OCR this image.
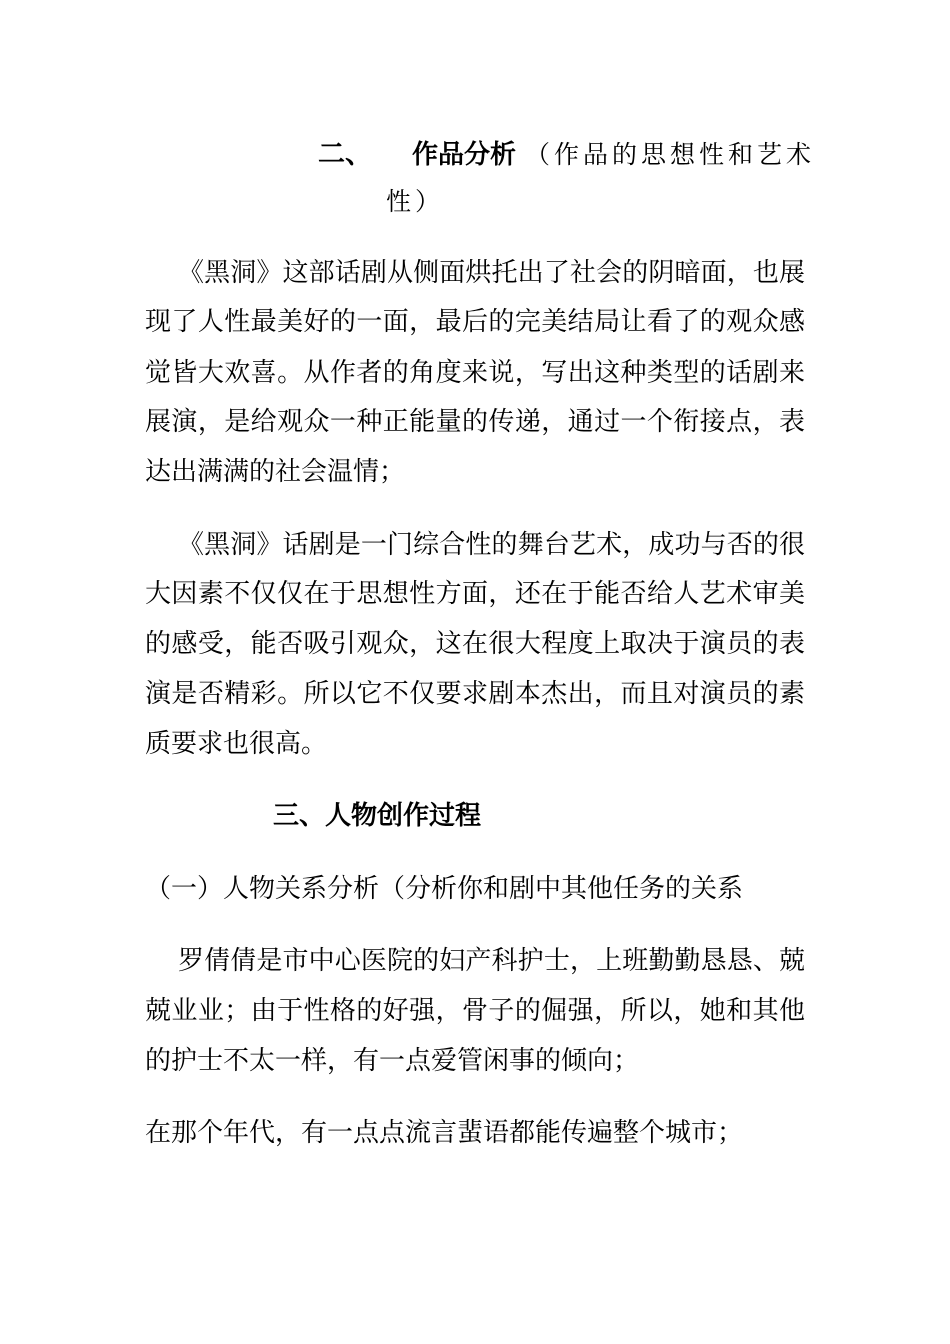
二、 作品分析 （作品的思想性和艺术
性）
《黑洞》这部话剧从侧面烘托出了社会的阴暗面，也展
现了人性最美好的一面，最后的完美结局让看了的观众感
觉皆大欢喜。从作者的角度来说，写出这种类型的话剧来
展演，是给观众一种正能量的传递，通过一个衔接点，表
达出满满的社会温情；
《黑洞》话剧是一门综合性的舞台艺术，成功与否的很
大因素不仅仅在于思想性方面，还在于能否给人艺术审美
的感受，能否吸引观众，这在很大程度上取决于演员的表
演是否精彩。所以它不仅要求剧本杰出，而且对演员的素
质要求也很高。
三、人物创作过程
（一）人物关系分析（分析你和剧中其他任务的关系
罗倩倩是市中心医院的妇产科护士，上班勤勤恳恳、兢
兢业业；由于性格的好强，骨子的倔强，所以，她和其他
的护士不太一样，有一点爱管闲事的倾向；
在那个年代，有一点点流言蜚语都能传遍整个城市；
